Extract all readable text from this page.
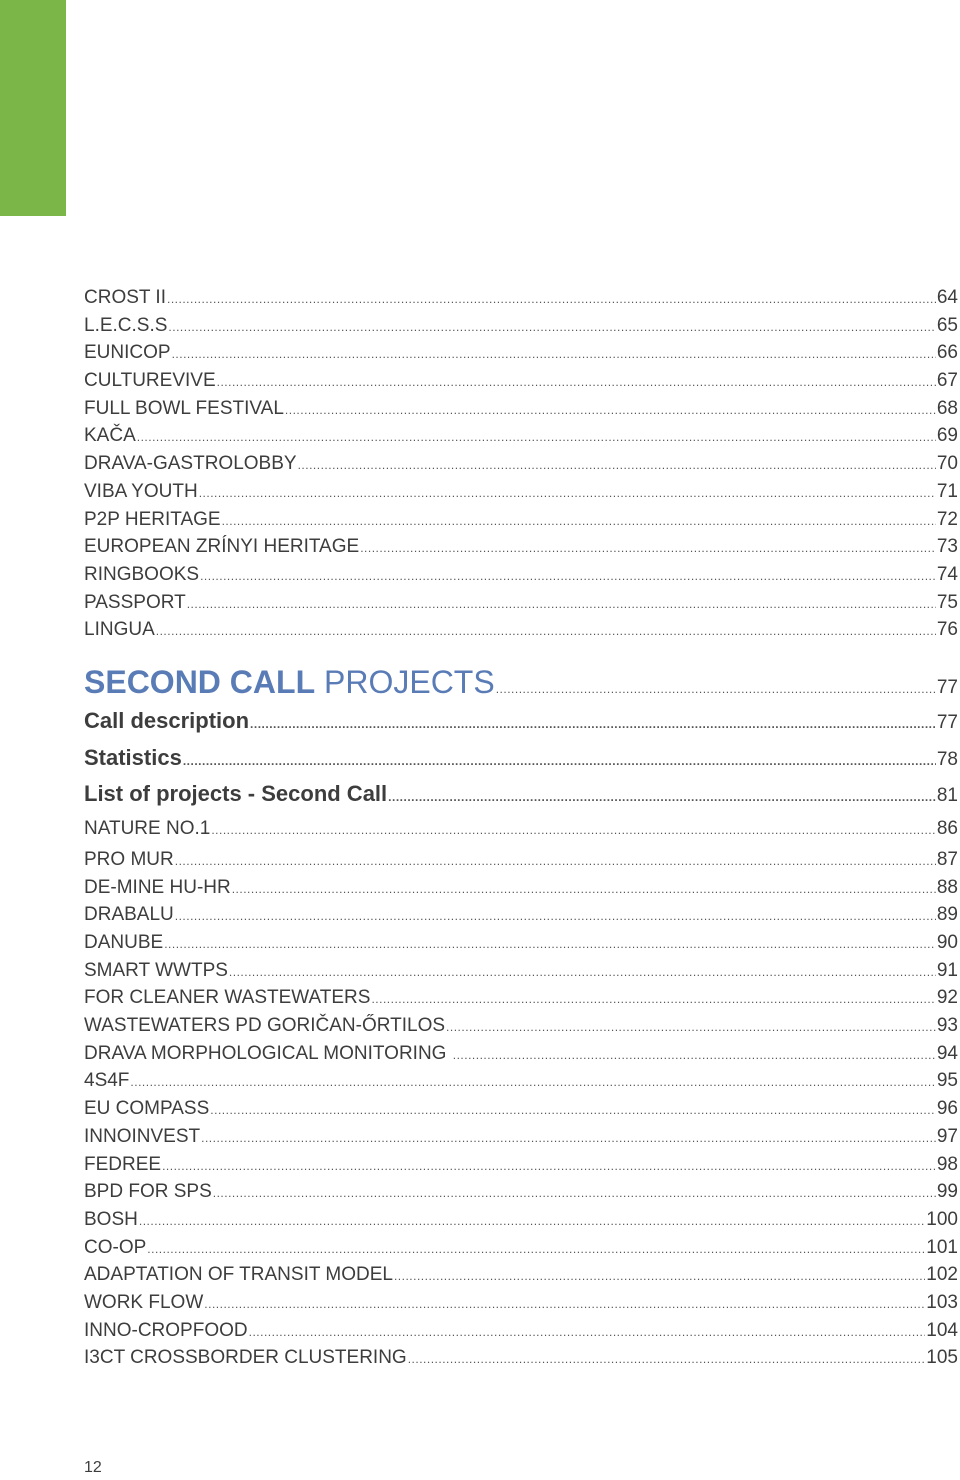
CROST II .....	64
L.E.C.S.S .....	65
EUNICOP .....	66
CULTUREVIVE .....	67
FULL BOWL FESTIVAL .....	68
KAČA .....	69
DRAVA-GASTROLOBBY .....	70
VIBA YOUTH .....	71
P2P HERITAGE .....	72
EUROPEAN ZRÍNYI HERITAGE .....	73
RINGBOOKS .....	74
PASSPORT .....	75
LINGUA .....	76
SECOND CALL PROJECTS .....	77
Call description .....	77
Statistics .....	78
List of projects - Second Call .....	81
NATURE NO.1 .....	86
PRO MUR .....	87
DE-MINE HU-HR .....	88
DRABALU .....	89
DANUBE .....	90
SMART WWTPS .....	91
FOR CLEANER WASTEWATERS .....	92
WASTEWATERS PD GORIČAN-ŐRTILOS .....	93
DRAVA MORPHOLOGICAL MONITORING .....	94
4S4F .....	95
EU COMPASS .....	96
INNOINVEST .....	97
FEDREE .....	98
BPD FOR SPS .....	99
BOSH .....	100
CO-OP .....	101
ADAPTATION OF TRANSIT MODEL .....	102
WORK FLOW .....	103
INNO-CROPFOOD .....	104
I3CT CROSSBORDER CLUSTERING .....	105
12
